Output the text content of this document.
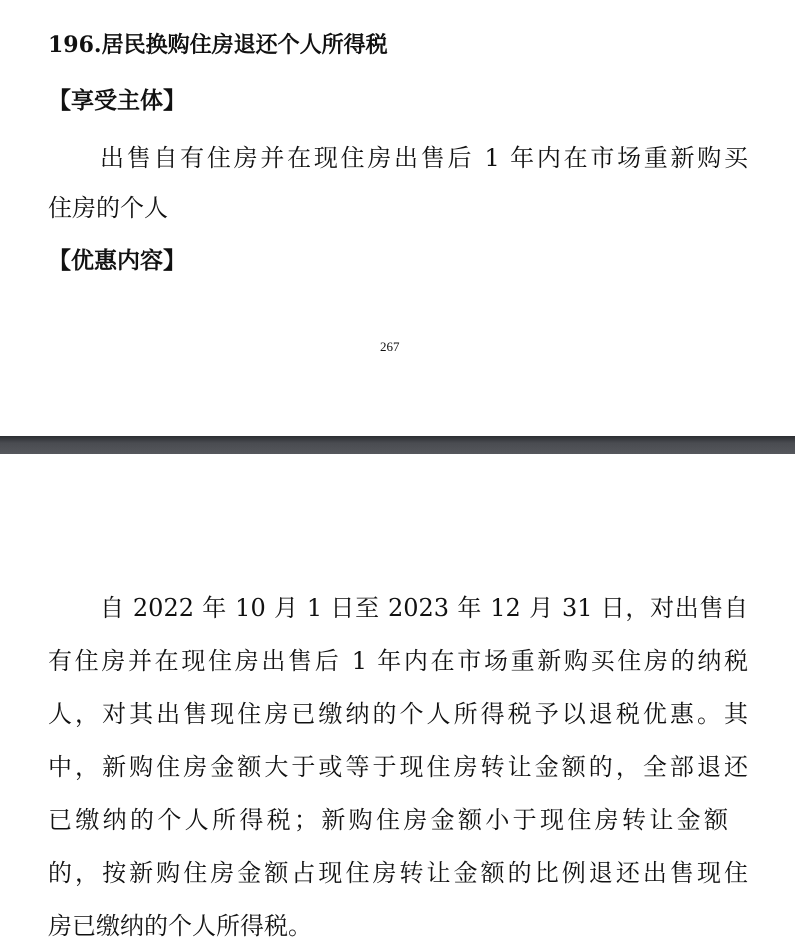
196.居民换购住房退还个人所得税
【享受主体】
出售自有住房并在现住房出售后 1 年内在市场重新购买
住房的个人
【优惠内容】
267
自 2022 年 10 月 1 日至 2023 年 12 月 31 日，对出售自
有住房并在现住房出售后 1 年内在市场重新购买住房的纳税
人，对其出售现住房已缴纳的个人所得税予以退税优惠。其
中，新购住房金额大于或等于现住房转让金额的，全部退还
已缴纳的个人所得税；新购住房金额小于现住房转让金额
的，按新购住房金额占现住房转让金额的比例退还出售现住
房已缴纳的个人所得税。
